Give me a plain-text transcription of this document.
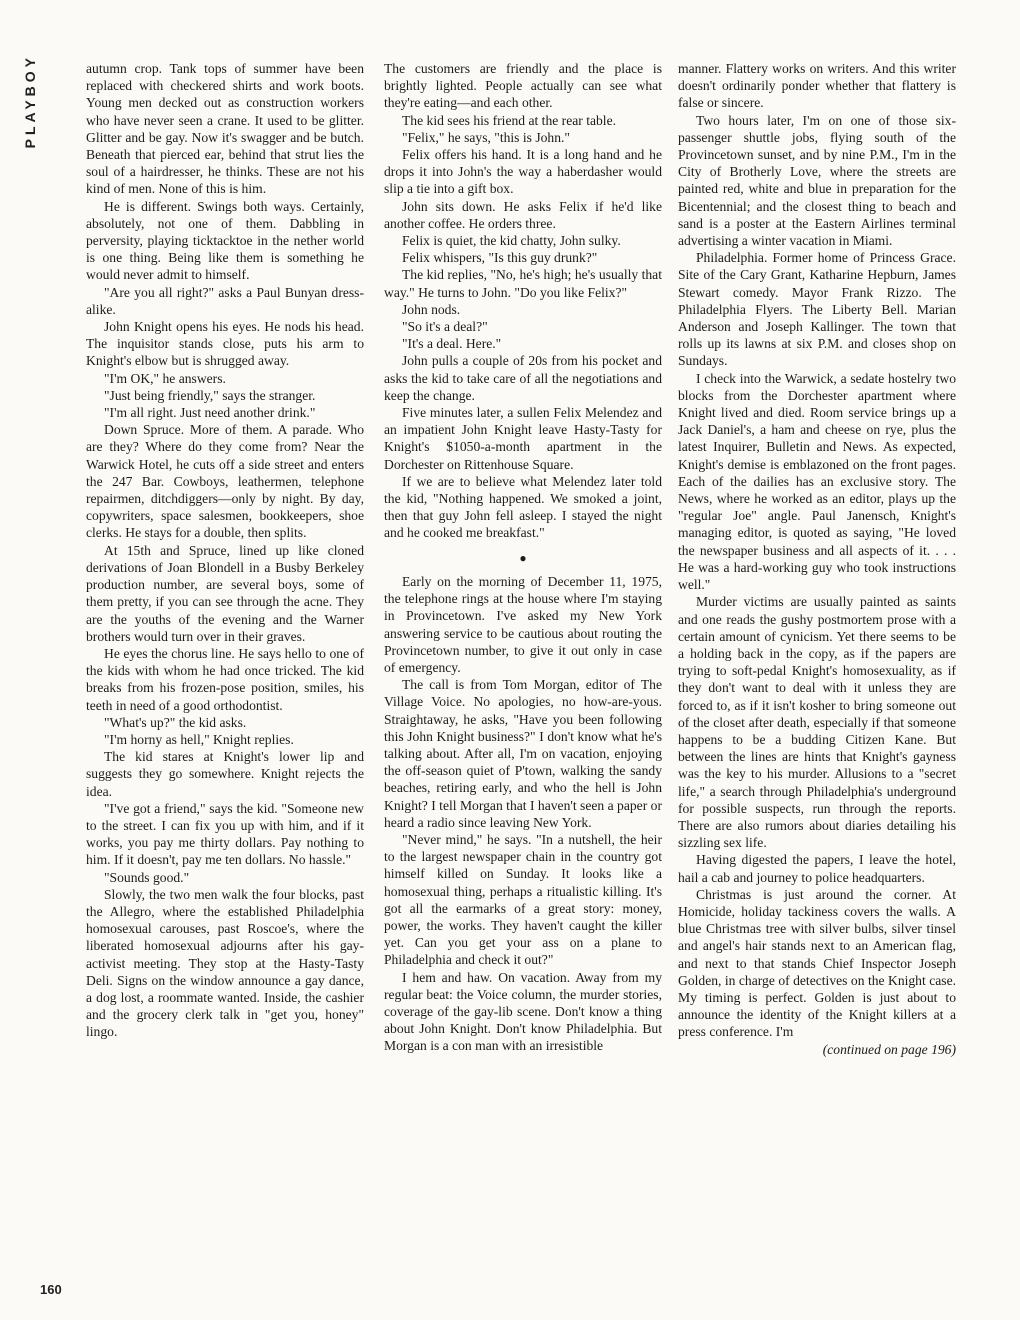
PLAYBOY	autumn crop. Tank tops of summer have been replaced with checkered shirts and work boots. Young men decked out as construction workers who have never seen a crane. It used to be glitter. Glitter and be gay. Now it's swagger and be butch. Beneath that pierced ear, behind that strut lies the soul of a hairdresser, he thinks. These are not his kind of men. None of this is him.

He is different. Swings both ways. Certainly, absolutely, not one of them. Dabbling in perversity, playing ticktacktoe in the nether world is one thing. Being like them is something he would never admit to himself.

"Are you all right?" asks a Paul Bunyan dress-alike.

John Knight opens his eyes. He nods his head. The inquisitor stands close, puts his arm to Knight's elbow but is shrugged away.

"I'm OK," he answers.

"Just being friendly," says the stranger.

"I'm all right. Just need another drink."

Down Spruce. More of them. A parade. Who are they? Where do they come from? Near the Warwick Hotel, he cuts off a side street and enters the 247 Bar. Cowboys, leathermen, telephone repairmen, ditchdiggers—only by night. By day, copywriters, space salesmen, bookkeepers, shoe clerks. He stays for a double, then splits.

At 15th and Spruce, lined up like cloned derivations of Joan Blondell in a Busby Berkeley production number, are several boys, some of them pretty, if you can see through the acne. They are the youths of the evening and the Warner brothers would turn over in their graves.

He eyes the chorus line. He says hello to one of the kids with whom he had once tricked. The kid breaks from his frozen-pose position, smiles, his teeth in need of a good orthodontist.

"What's up?" the kid asks.

"I'm horny as hell," Knight replies.

The kid stares at Knight's lower lip and suggests they go somewhere. Knight rejects the idea.

"I've got a friend," says the kid. "Someone new to the street. I can fix you up with him, and if it works, you pay me thirty dollars. Pay nothing to him. If it doesn't, pay me ten dollars. No hassle."

"Sounds good."

Slowly, the two men walk the four blocks, past the Allegro, where the established Philadelphia homosexual carouses, past Roscoe's, where the liberated homosexual adjourns after his gay-activist meeting. They stop at the Hasty-Tasty Deli. Signs on the window announce a gay dance, a dog lost, a roommate wanted. Inside, the cashier and the grocery clerk talk in "get you, honey" lingo.

The customers are friendly and the place is brightly lighted. People actually can see what they're eating—and each other.

The kid sees his friend at the rear table.

"Felix," he says, "this is John."

Felix offers his hand. It is a long hand and he drops it into John's the way a haberdasher would slip a tie into a gift box.

John sits down. He asks Felix if he'd like another coffee. He orders three.

Felix is quiet, the kid chatty, John sulky.

Felix whispers, "Is this guy drunk?"

The kid replies, "No, he's high; he's usually that way." He turns to John. "Do you like Felix?"

John nods.

"So it's a deal?"

"It's a deal. Here."

John pulls a couple of 20s from his pocket and asks the kid to take care of all the negotiations and keep the change.

Five minutes later, a sullen Felix Melendez and an impatient John Knight leave Hasty-Tasty for Knight's $1050-a-month apartment in the Dorchester on Rittenhouse Square.

If we are to believe what Melendez later told the kid, "Nothing happened. We smoked a joint, then that guy John fell asleep. I stayed the night and he cooked me breakfast."

●

Early on the morning of December 11, 1975, the telephone rings at the house where I'm staying in Provincetown. I've asked my New York answering service to be cautious about routing the Provincetown number, to give it out only in case of emergency.

The call is from Tom Morgan, editor of The Village Voice. No apologies, no how-are-yous. Straightaway, he asks, "Have you been following this John Knight business?" I don't know what he's talking about. After all, I'm on vacation, enjoying the off-season quiet of P'town, walking the sandy beaches, retiring early, and who the hell is John Knight? I tell Morgan that I haven't seen a paper or heard a radio since leaving New York.

"Never mind," he says. "In a nutshell, the heir to the largest newspaper chain in the country got himself killed on Sunday. It looks like a homosexual thing, perhaps a ritualistic killing. It's got all the earmarks of a great story: money, power, the works. They haven't caught the killer yet. Can you get your ass on a plane to Philadelphia and check it out?"

I hem and haw. On vacation. Away from my regular beat: the Voice column, the murder stories, coverage of the gay-lib scene. Don't know a thing about John Knight. Don't know Philadelphia. But Morgan is a con man with an irresistible

manner. Flattery works on writers. And this writer doesn't ordinarily ponder whether that flattery is false or sincere.

Two hours later, I'm on one of those six-passenger shuttle jobs, flying south of the Provincetown sunset, and by nine P.M., I'm in the City of Brotherly Love, where the streets are painted red, white and blue in preparation for the Bicentennial; and the closest thing to beach and sand is a poster at the Eastern Airlines terminal advertising a winter vacation in Miami.

Philadelphia. Former home of Princess Grace. Site of the Cary Grant, Katharine Hepburn, James Stewart comedy. Mayor Frank Rizzo. The Philadelphia Flyers. The Liberty Bell. Marian Anderson and Joseph Kallinger. The town that rolls up its lawns at six P.M. and closes shop on Sundays.

I check into the Warwick, a sedate hostelry two blocks from the Dorchester apartment where Knight lived and died. Room service brings up a Jack Daniel's, a ham and cheese on rye, plus the latest Inquirer, Bulletin and News. As expected, Knight's demise is emblazoned on the front pages. Each of the dailies has an exclusive story. The News, where he worked as an editor, plays up the "regular Joe" angle. Paul Janensch, Knight's managing editor, is quoted as saying, "He loved the newspaper business and all aspects of it. . . . He was a hard-working guy who took instructions well."

Murder victims are usually painted as saints and one reads the gushy postmortem prose with a certain amount of cynicism. Yet there seems to be a holding back in the copy, as if the papers are trying to soft-pedal Knight's homosexuality, as if they don't want to deal with it unless they are forced to, as if it isn't kosher to bring someone out of the closet after death, especially if that someone happens to be a budding Citizen Kane. But between the lines are hints that Knight's gayness was the key to his murder. Allusions to a "secret life," a search through Philadelphia's underground for possible suspects, run through the reports. There are also rumors about diaries detailing his sizzling sex life.

Having digested the papers, I leave the hotel, hail a cab and journey to police headquarters.

Christmas is just around the corner. At Homicide, holiday tackiness covers the walls. A blue Christmas tree with silver bulbs, silver tinsel and angel's hair stands next to an American flag, and next to that stands Chief Inspector Joseph Golden, in charge of detectives on the Knight case. My timing is perfect. Golden is just about to announce the identity of the Knight killers at a press conference. I'm

(continued on page 196)

160
